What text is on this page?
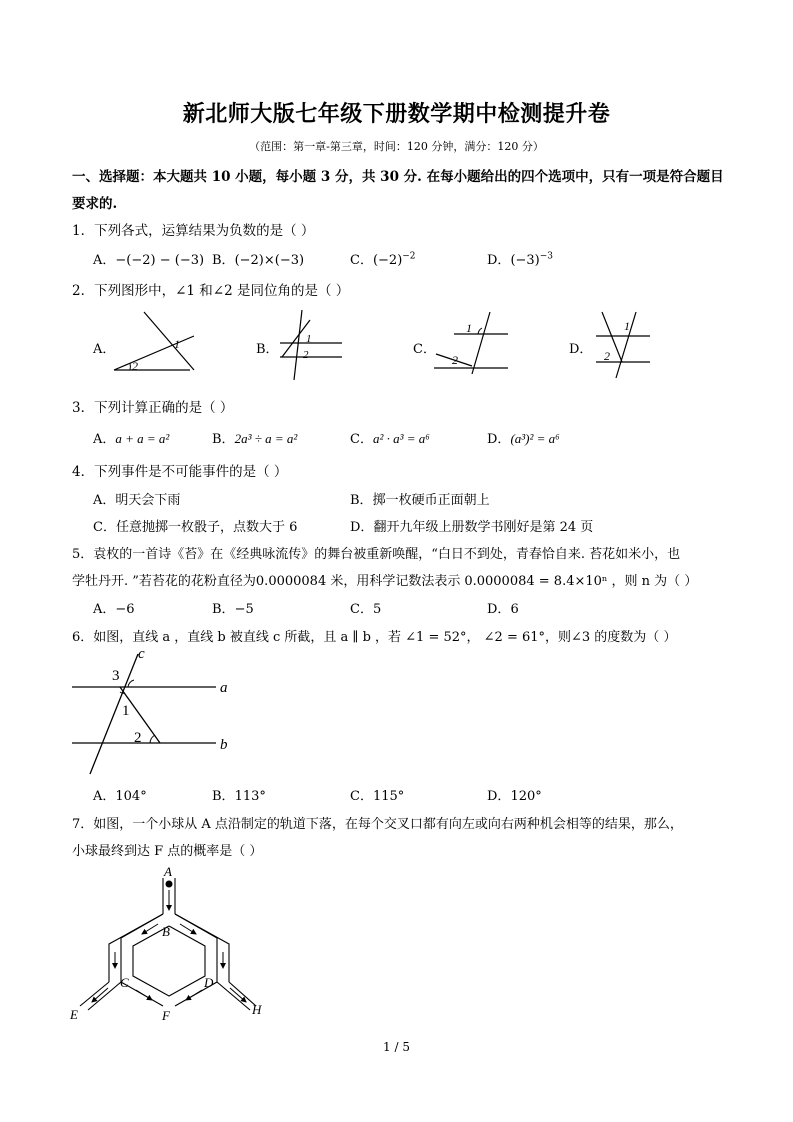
新北师大版七年级下册数学期中检测提升卷
（范围：第一章-第三章，时间：120 分钟，满分：120 分）
一、选择题：本大题共 10 小题，每小题 3 分，共 30 分. 在每小题给出的四个选项中，只有一项是符合题目
要求的.
1．下列各式，运算结果为负数的是（ ）
A．−(−2) − (−3) B．(−2)×(−3)	C．$(-2)^{-2}$	D．$(-3)^{-3}$
2．下列图形中，∠1 和∠2 是同位角的是（ ）
A．	B．	C．	D．
2
1	1
2
1
2
1
2
3．下列计算正确的是（ ）
A．a + a = a²	B．2a³ ÷ a = a²	C．a² · a³ = a⁶	D．(a³)² = a⁶
4．下列事件是不可能事件的是（ ）
A．明天会下雨	B．掷一枚硬币正面朝上
C．任意抛掷一枚骰子，点数大于 6	D．翻开九年级上册数学书刚好是第 24 页
5．袁枚的一首诗《苔》在《经典咏流传》的舞台被重新唤醒，“白日不到处，青春恰自来. 苔花如米小，也
学牡丹开. ”若苔花的花粉直径为0.0000084 米，用科学记数法表示 0.0000084 = 8.4×10ⁿ ，则 n 为（ ）
A．−6	B．−5	C．5	D．6
6．如图，直线 a ，直线 b 被直线 c 所截，且 a ∥ b ，若 ∠1 = 52°， ∠2 = 61°，则∠3 的度数为（ ）
c
a
b
3
1
2
A．104°	B．113°	C．115°	D．120°
7．如图，一个小球从 A 点沿制定的轨道下落，在每个交叉口都有向左或向右两种机会相等的结果，那么，
小球最终到达 F 点的概率是（ ）
A
B
C	D
E	F	H
1 / 5
